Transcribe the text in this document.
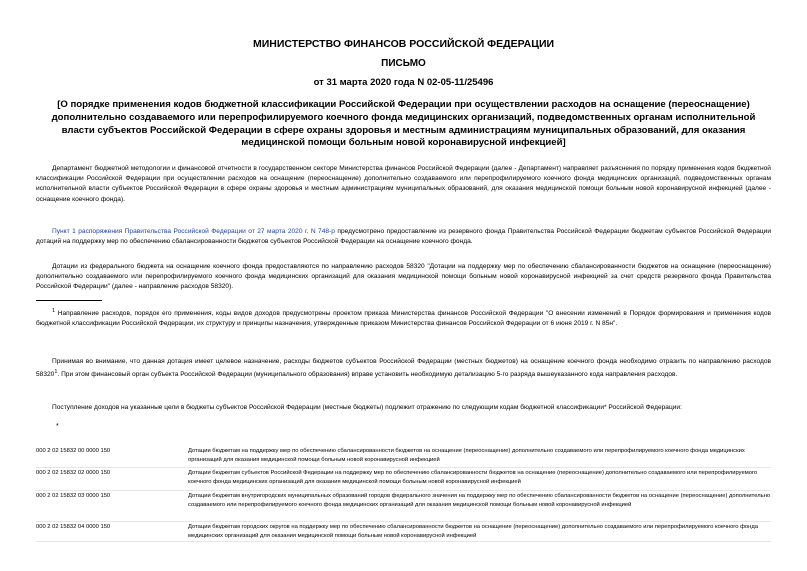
МИНИСТЕРСТВО ФИНАНСОВ РОССИЙСКОЙ ФЕДЕРАЦИИ
ПИСЬМО
от 31 марта 2020 года N 02-05-11/25496
[О порядке применения кодов бюджетной классификации Российской Федерации при осуществлении расходов на оснащение (переоснащение) дополнительно создаваемого или перепрофилируемого коечного фонда медицинских организаций, подведомственных органам исполнительной власти субъектов Российской Федерации в сфере охраны здоровья и местным администрациям муниципальных образований, для оказания медицинской помощи больным новой коронавирусной инфекцией]
Департамент бюджетной методологии и финансовой отчетности в государственном секторе Министерства финансов Российской Федерации (далее - Департамент) направляет разъяснения по порядку применения кодов бюджетной классификации Российской Федерации при осуществлении расходов на оснащение (переоснащение) дополнительно создаваемого или перепрофилируемого коечного фонда медицинских организаций, подведомственных органам исполнительной власти субъектов Российской Федерации в сфере охраны здоровья и местным администрациям муниципальных образований, для оказания медицинской помощи больным новой коронавирусной инфекцией (далее - оснащение коечного фонда).
Пункт 1 распоряжения Правительства Российской Федерации от 27 марта 2020 г. N 748-р предусмотрено предоставление из резервного фонда Правительства Российской Федерации бюджетам субъектов Российской Федерации дотаций на поддержку мер по обеспечению сбалансированности бюджетов субъектов Российской Федерации на оснащение коечного фонда.
Дотации из федерального бюджета на оснащение коечного фонда предоставляются по направлению расходов 58320 "Дотации на поддержку мер по обеспечению сбалансированности бюджетов на оснащение (переоснащение) дополнительно создаваемого или перепрофилируемого коечного фонда медицинских организаций для оказания медицинской помощи больным новой коронавирусной инфекцией за счет средств резервного фонда Правительства Российской Федерации" (далее - направление расходов 58320).
$^1$ Направление расходов, порядок его применения, коды видов доходов предусмотрены проектом приказа Министерства финансов Российской Федерации "О внесении изменений в Порядок формирования и применения кодов бюджетной классификации Российской Федерации, их структуру и принципы назначения, утвержденные приказом Министерства финансов Российской Федерации от 6 июня 2019 г. N 85н".
Принимая во внимание, что данная дотация имеет целевое назначение, расходы бюджетов субъектов Российской Федерации (местных бюджетов) на оснащение коечного фонда необходимо отразить по направлению расходов 58320$^1$. При этом финансовый орган субъекта Российской Федерации (муниципального образования) вправе установить необходимую детализацию 5-го разряда вышеуказанного кода направления расходов.
Поступление доходов на указанные цели в бюджеты субъектов Российской Федерации (местные бюджеты) подлежит отражению по следующим кодам бюджетной классификации* Российской Федерации:
*
000 2 02 15832 00 0000 150	Дотации бюджетам на поддержку мер по обеспечению сбалансированности бюджетов на оснащение (переоснащение) дополнительно создаваемого или перепрофилируемого коечного фонда медицинских организаций для оказания медицинской помощи больным новой коронавирусной инфекцией
000 2 02 15832 02 0000 150	Дотации бюджетам субъектов Российской Федерации на поддержку мер по обеспечению сбалансированности бюджетов на оснащение (переоснащение) дополнительно создаваемого или перепрофилируемого коечного фонда медицинских организаций для оказания медицинской помощи больным новой коронавирусной инфекцией
000 2 02 15832 03 0000 150	Дотации бюджетам внутригородских муниципальных образований городов федерального значения на поддержку мер по обеспечению сбалансированности бюджетов на оснащение (переоснащение) дополнительно создаваемого или перепрофилируемого коечного фонда медицинских организаций для оказания медицинской помощи больным новой коронавирусной инфекцией
000 2 02 15832 04 0000 150	Дотации бюджетам городских округов на поддержку мер по обеспечению сбалансированности бюджетов на оснащение (переоснащение) дополнительно создаваемого или перепрофилируемого коечного фонда медицинских организаций для оказания медицинской помощи больным новой коронавирусной инфекцией
